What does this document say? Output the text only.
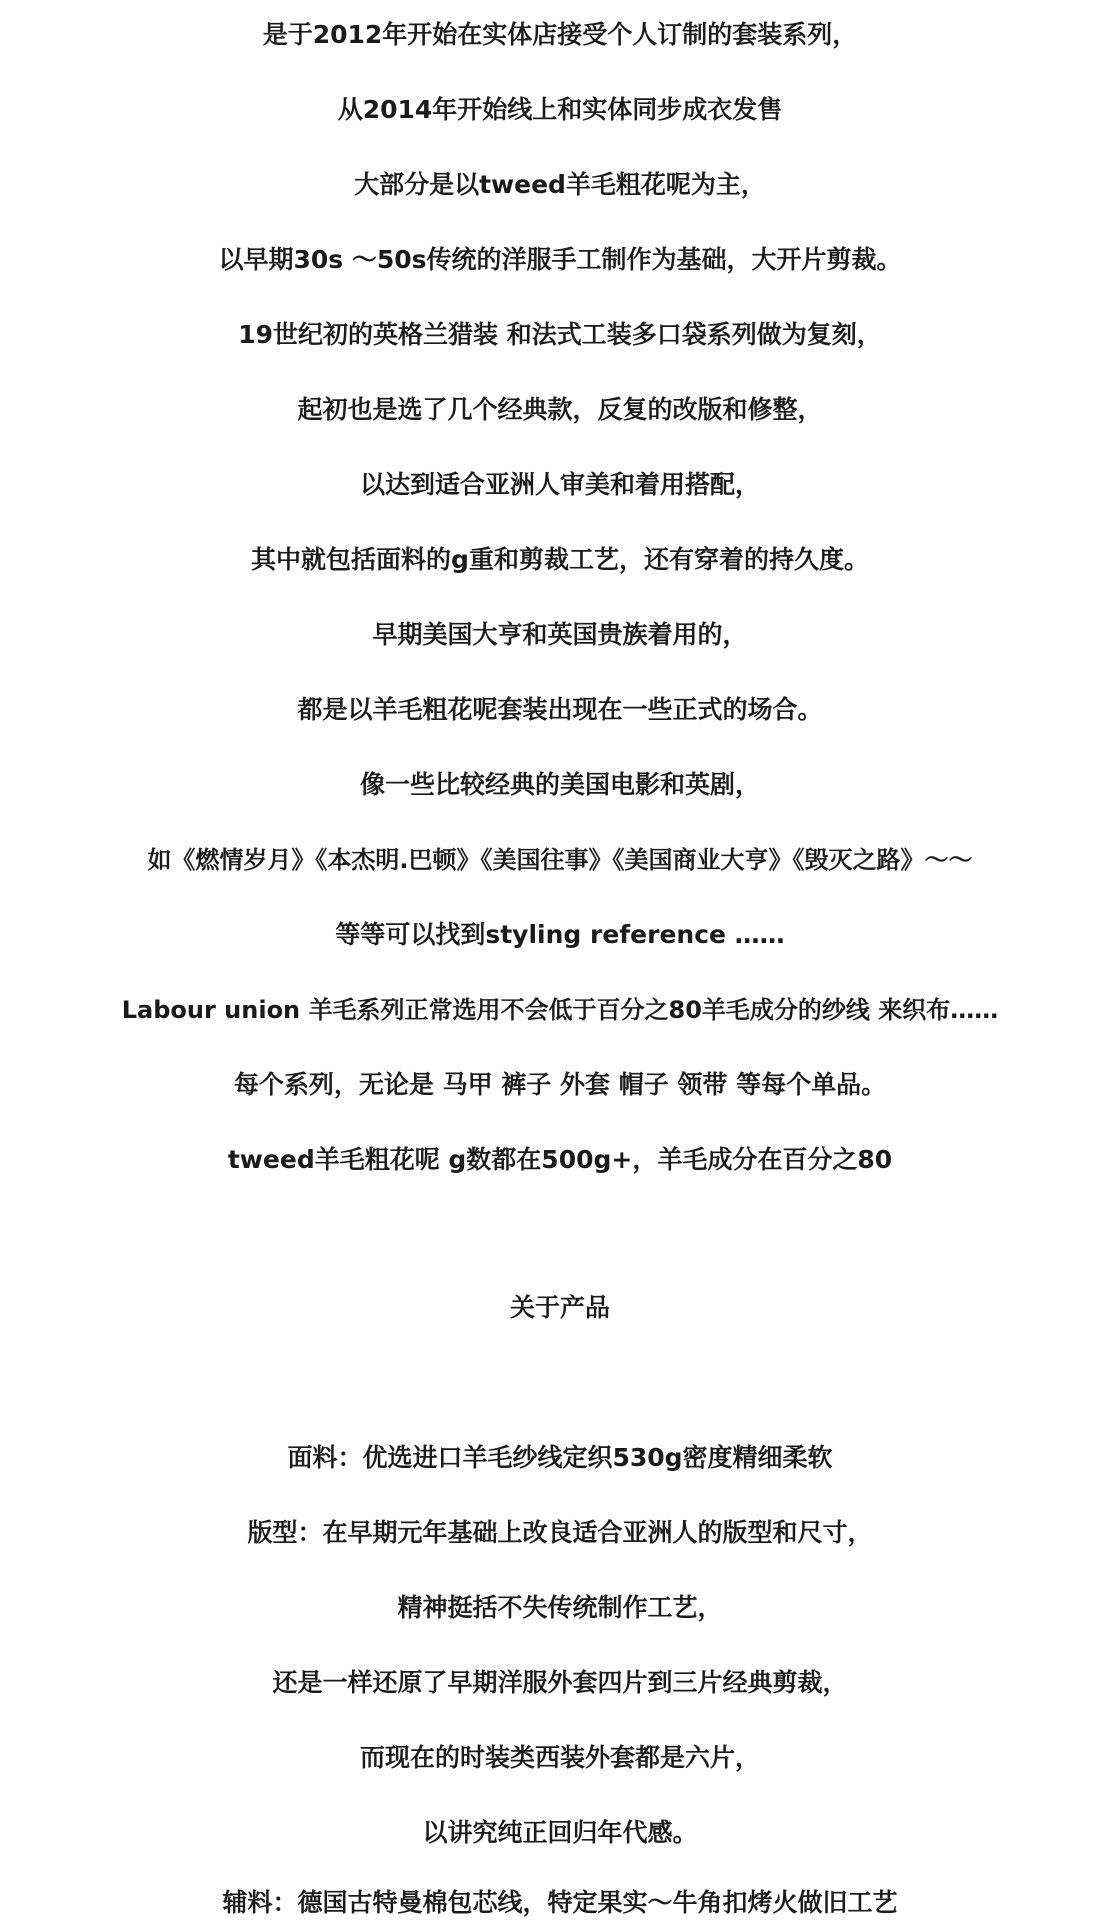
是于2012年开始在实体店接受个人订制的套装系列，
从2014年开始线上和实体同步成衣发售
大部分是以tweed羊毛粗花呢为主，
以早期30s ～50s传统的洋服手工制作为基础，大开片剪裁。
19世纪初的英格兰猎装 和法式工装多口袋系列做为复刻，
起初也是选了几个经典款，反复的改版和修整，
以达到适合亚洲人审美和着用搭配，
其中就包括面料的g重和剪裁工艺，还有穿着的持久度。
早期美国大亨和英国贵族着用的，
都是以羊毛粗花呢套装出现在一些正式的场合。
像一些比较经典的美国电影和英剧，
如《燃情岁月》《本杰明.巴顿》《美国往事》《美国商业大亨》《毁灭之路》～～
等等可以找到styling reference ……
Labour union 羊毛系列正常选用不会低于百分之80羊毛成分的纱线 来织布……
每个系列，无论是 马甲 裤子 外套 帽子 领带 等每个单品。
tweed羊毛粗花呢 g数都在500g+，羊毛成分在百分之80
关于产品
面料：优选进口羊毛纱线定织530g密度精细柔软
版型：在早期元年基础上改良适合亚洲人的版型和尺寸，
精神挺括不失传统制作工艺，
还是一样还原了早期洋服外套四片到三片经典剪裁，
而现在的时装类西装外套都是六片，
以讲究纯正回归年代感。
辅料：德国古特曼棉包芯线，特定果实～牛角扣烤火做旧工艺
